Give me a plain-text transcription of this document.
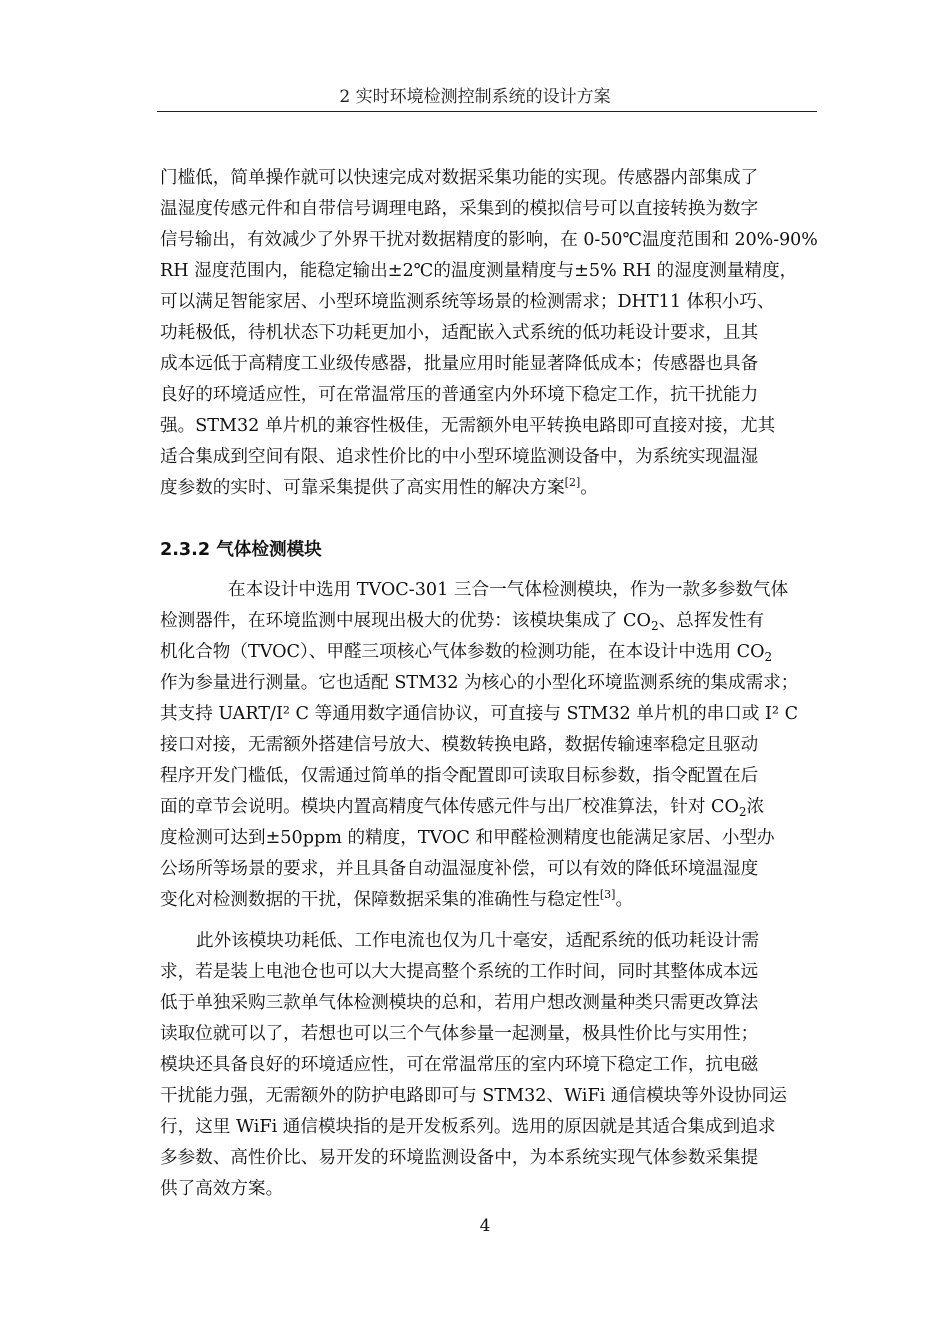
2 实时环境检测控制系统的设计方案
门槛低，简单操作就可以快速完成对数据采集功能的实现。传感器内部集成了
温湿度传感元件和自带信号调理电路，采集到的模拟信号可以直接转换为数字
信号输出，有效减少了外界干扰对数据精度的影响，在 0-50℃温度范围和 20%-90%
RH 湿度范围内，能稳定输出±2℃的温度测量精度与±5% RH 的湿度测量精度，
可以满足智能家居、小型环境监测系统等场景的检测需求；DHT11 体积小巧、
功耗极低，待机状态下功耗更加小，适配嵌入式系统的低功耗设计要求，且其
成本远低于高精度工业级传感器，批量应用时能显著降低成本；传感器也具备
良好的环境适应性，可在常温常压的普通室内外环境下稳定工作，抗干扰能力
强。STM32 单片机的兼容性极佳，无需额外电平转换电路即可直接对接，尤其
适合集成到空间有限、追求性价比的中小型环境监测设备中，为系统实现温湿
度参数的实时、可靠采集提供了高实用性的解决方案[2]。
2.3.2 气体检测模块
在本设计中选用 TVOC-301 三合一气体检测模块，作为一款多参数气体
检测器件，在环境监测中展现出极大的优势：该模块集成了 $CO_2$、总挥发性有
机化合物（TVOC）、甲醛三项核心气体参数的检测功能，在本设计中选用 $CO_2$
作为参量进行测量。它也适配 STM32 为核心的小型化环境监测系统的集成需求；
其支持 UART/I² C 等通用数字通信协议，可直接与 STM32 单片机的串口或 I² C
接口对接，无需额外搭建信号放大、模数转换电路，数据传输速率稳定且驱动
程序开发门槛低，仅需通过简单的指令配置即可读取目标参数，指令配置在后
面的章节会说明。模块内置高精度气体传感元件与出厂校准算法，针对 $CO_2$浓
度检测可达到±50ppm 的精度，TVOC 和甲醛检测精度也能满足家居、小型办
公场所等场景的要求，并且具备自动温湿度补偿，可以有效的降低环境温湿度
变化对检测数据的干扰，保障数据采集的准确性与稳定性[3]。
此外该模块功耗低、工作电流也仅为几十毫安，适配系统的低功耗设计需
求，若是装上电池仓也可以大大提高整个系统的工作时间，同时其整体成本远
低于单独采购三款单气体检测模块的总和，若用户想改测量种类只需更改算法
读取位就可以了，若想也可以三个气体参量一起测量，极具性价比与实用性；
模块还具备良好的环境适应性，可在常温常压的室内环境下稳定工作，抗电磁
干扰能力强，无需额外的防护电路即可与 STM32、WiFi 通信模块等外设协同运
行，这里 WiFi 通信模块指的是开发板系列。选用的原因就是其适合集成到追求
多参数、高性价比、易开发的环境监测设备中，为本系统实现气体参数采集提
供了高效方案。
4
